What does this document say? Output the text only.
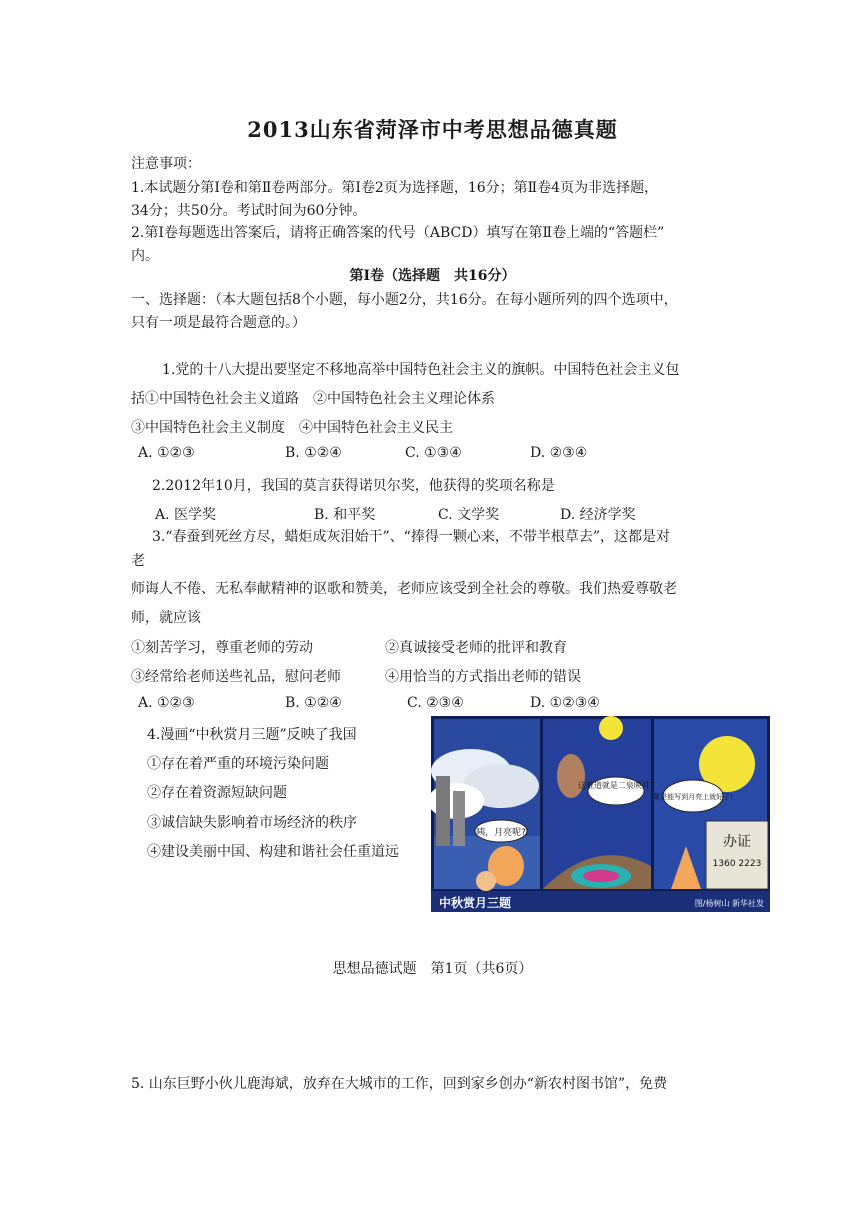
2013山东省菏泽市中考思想品德真题
注意事项：
1.本试题分第Ⅰ卷和第Ⅱ卷两部分。第Ⅰ卷2页为选择题，16分；第Ⅱ卷4页为非选择题，
34分；共50分。考试时间为60分钟。
2.第Ⅰ卷每题选出答案后，请将正确答案的代号（ABCD）填写在第Ⅱ卷上端的“答题栏”
内。
第Ⅰ卷（选择题　共16分）
一、选择题：（本大题包括8个小题，每小题2分，共16分。在每小题所列的四个选项中，
只有一项是最符合题意的。）
1.党的十八大提出要坚定不移地高举中国特色社会主义的旗帜。中国特色社会主义包
括①中国特色社会主义道路　②中国特色社会主义理论体系
③中国特色社会主义制度　④中国特色社会主义民主
A. ①②③	B. ①②④	C. ①③④	D. ②③④
2.2012年10月，我国的莫言获得诺贝尔奖，他获得的奖项名称是
A. 医学奖	B. 和平奖	C. 文学奖	D. 经济学奖
3.“春蚕到死丝方尽，蜡炬成灰泪始干”、“捧得一颗心来，不带半根草去”，这都是对
老
师诲人不倦、无私奉献精神的讴歌和赞美，老师应该受到全社会的尊敬。我们热爱尊敬老
师，就应该
①刻苦学习，尊重老师的劳动	②真诚接受老师的批评和教育
③经常给老师送些礼品，慰问老师	④用恰当的方式指出老师的错误
A. ①②③	B. ①②④	C. ②③④	D. ①②③④
4.漫画“中秋赏月三题”反映了我国
①存在着严重的环境污染问题
②存在着资源短缺问题
③诚信缺失影响着市场经济的秩序
④建设美丽中国、构建和谐社会任重道远
咦，月亮呢?
这难道就是二泉映月?
要是能写到月亮上就好了!
办证
1360 2223
中秋赏月三题	图/杨树山 新华社发
思想品德试题　第1页（共6页）
5. 山东巨野小伙儿鹿海斌，放弃在大城市的工作，回到家乡创办“新农村图书馆”，免费
